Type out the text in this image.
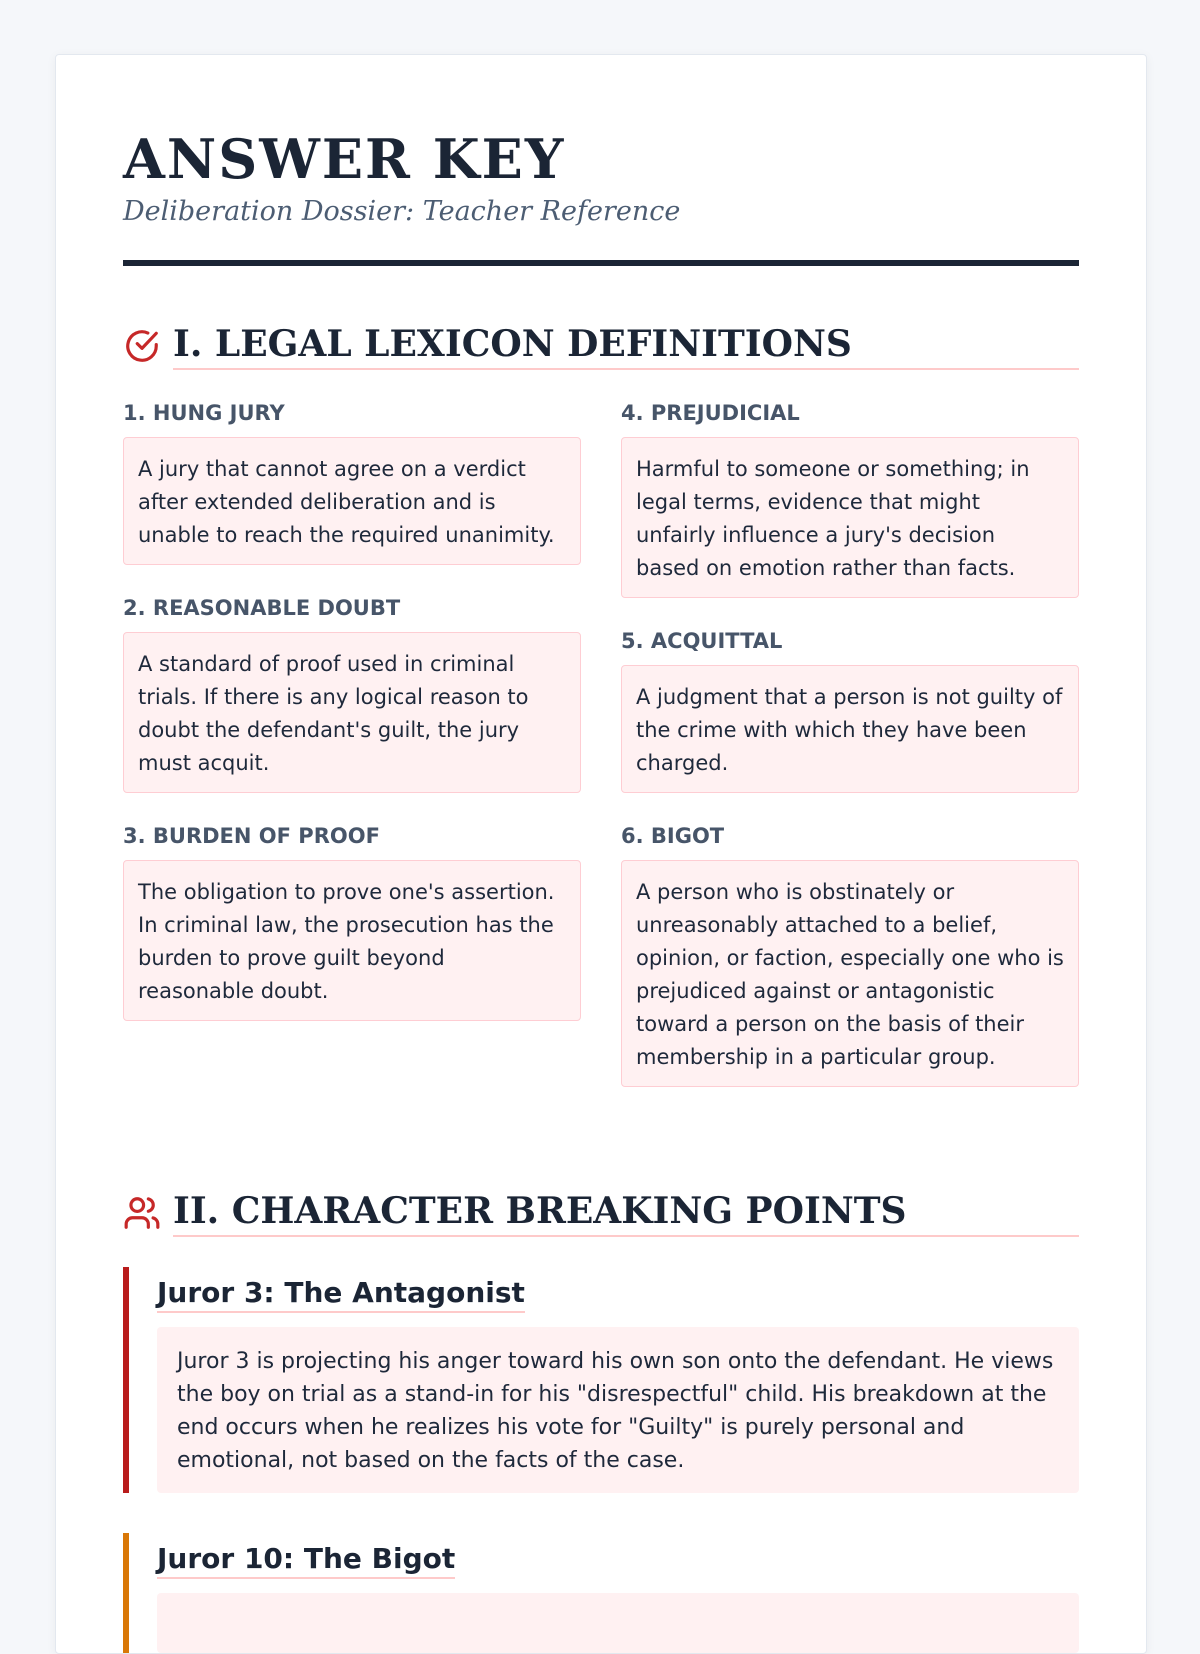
ANSWER KEY
Deliberation Dossier: Teacher Reference
I. LEGAL LEXICON DEFINITIONS
1. HUNG JURY
A jury that cannot agree on a verdict after extended deliberation and is unable to reach the required unanimity.
2. REASONABLE DOUBT
A standard of proof used in criminal trials. If there is any logical reason to doubt the defendant's guilt, the jury must acquit.
3. BURDEN OF PROOF
The obligation to prove one's assertion. In criminal law, the prosecution has the burden to prove guilt beyond reasonable doubt.
4. PREJUDICIAL
Harmful to someone or something; in legal terms, evidence that might unfairly influence a jury's decision based on emotion rather than facts.
5. ACQUITTAL
A judgment that a person is not guilty of the crime with which they have been charged.
6. BIGOT
A person who is obstinately or unreasonably attached to a belief, opinion, or faction, especially one who is prejudiced against or antagonistic toward a person on the basis of their membership in a particular group.
II. CHARACTER BREAKING POINTS
Juror 3: The Antagonist
Juror 3 is projecting his anger toward his own son onto the defendant. He views the boy on trial as a stand-in for his "disrespectful" child. His breakdown at the end occurs when he realizes his vote for "Guilty" is purely personal and emotional, not based on the facts of the case.
Juror 10: The Bigot
